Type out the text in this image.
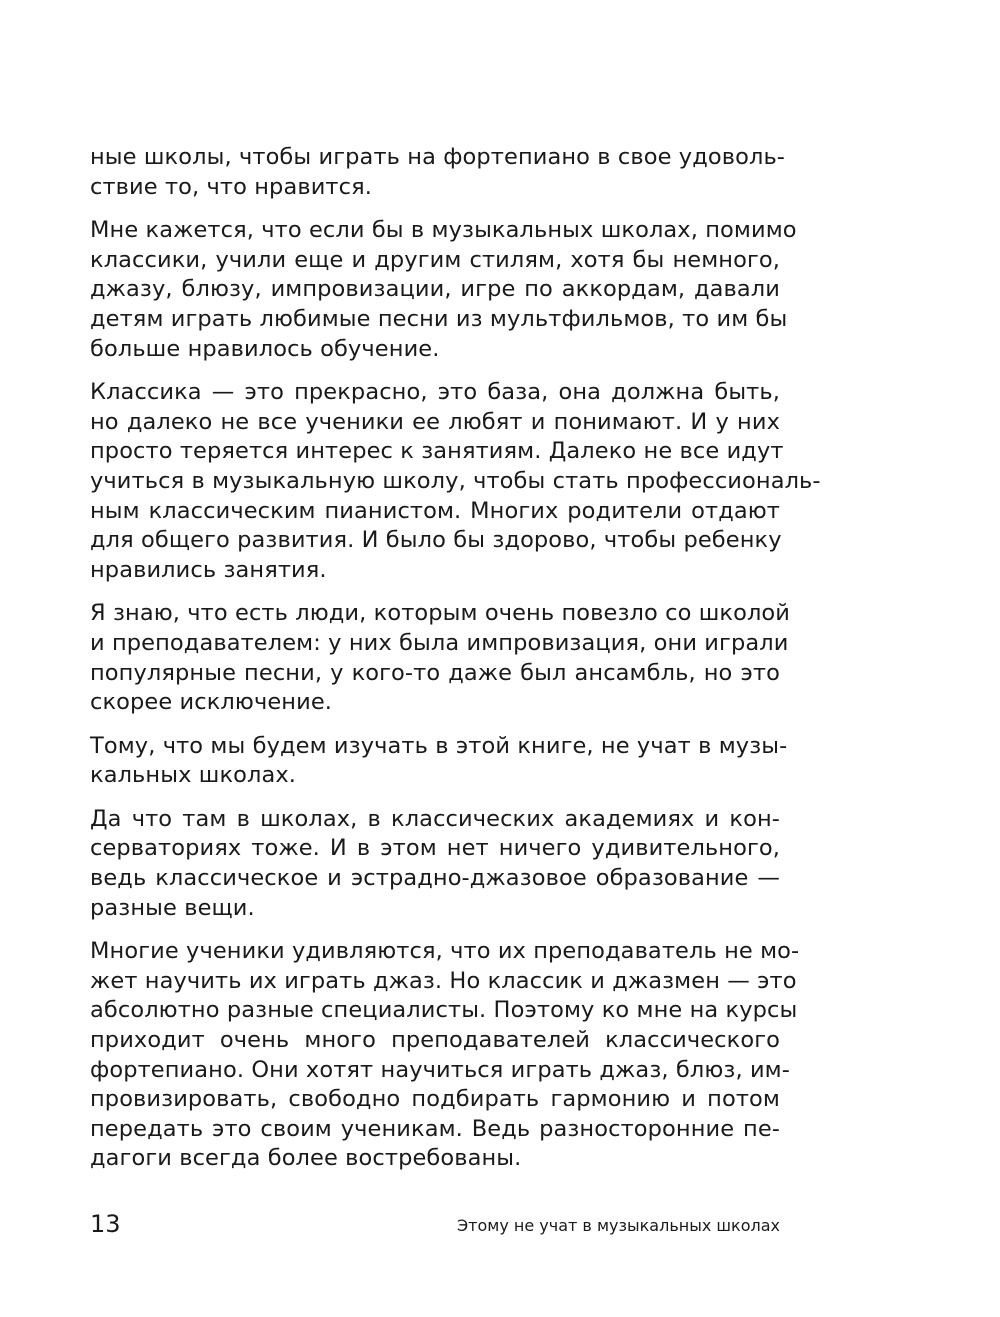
ные школы, чтобы играть на фортепиано в свое удоволь-
ствие то, что нравится.
Мне кажется, что если бы в музыкальных школах, помимо
классики, учили еще и другим стилям, хотя бы немного,
джазу, блюзу, импровизации, игре по аккордам, давали
детям играть любимые песни из мультфильмов, то им бы
больше нравилось обучение.
Классика — это прекрасно, это база, она должна быть,
но далеко не все ученики ее любят и понимают. И у них
просто теряется интерес к занятиям. Далеко не все идут
учиться в музыкальную школу, чтобы стать профессиональ-
ным классическим пианистом. Многих родители отдают
для общего развития. И было бы здорово, чтобы ребенку
нравились занятия.
Я знаю, что есть люди, которым очень повезло со школой
и преподавателем: у них была импровизация, они играли
популярные песни, у кого-то даже был ансамбль, но это
скорее исключение.
Тому, что мы будем изучать в этой книге, не учат в музы-
кальных школах.
Да что там в школах, в классических академиях и кон-
серваториях тоже. И в этом нет ничего удивительного,
ведь классическое и эстрадно-джазовое образование —
разные вещи.
Многие ученики удивляются, что их преподаватель не мо-
жет научить их играть джаз. Но классик и джазмен — это
абсолютно разные специалисты. Поэтому ко мне на курсы
приходит очень много преподавателей классического
фортепиано. Они хотят научиться играть джаз, блюз, им-
провизировать, свободно подбирать гармонию и потом
передать это своим ученикам. Ведь разносторонние пе-
дагоги всегда более востребованы.
13	Этому не учат в музыкальных школах
